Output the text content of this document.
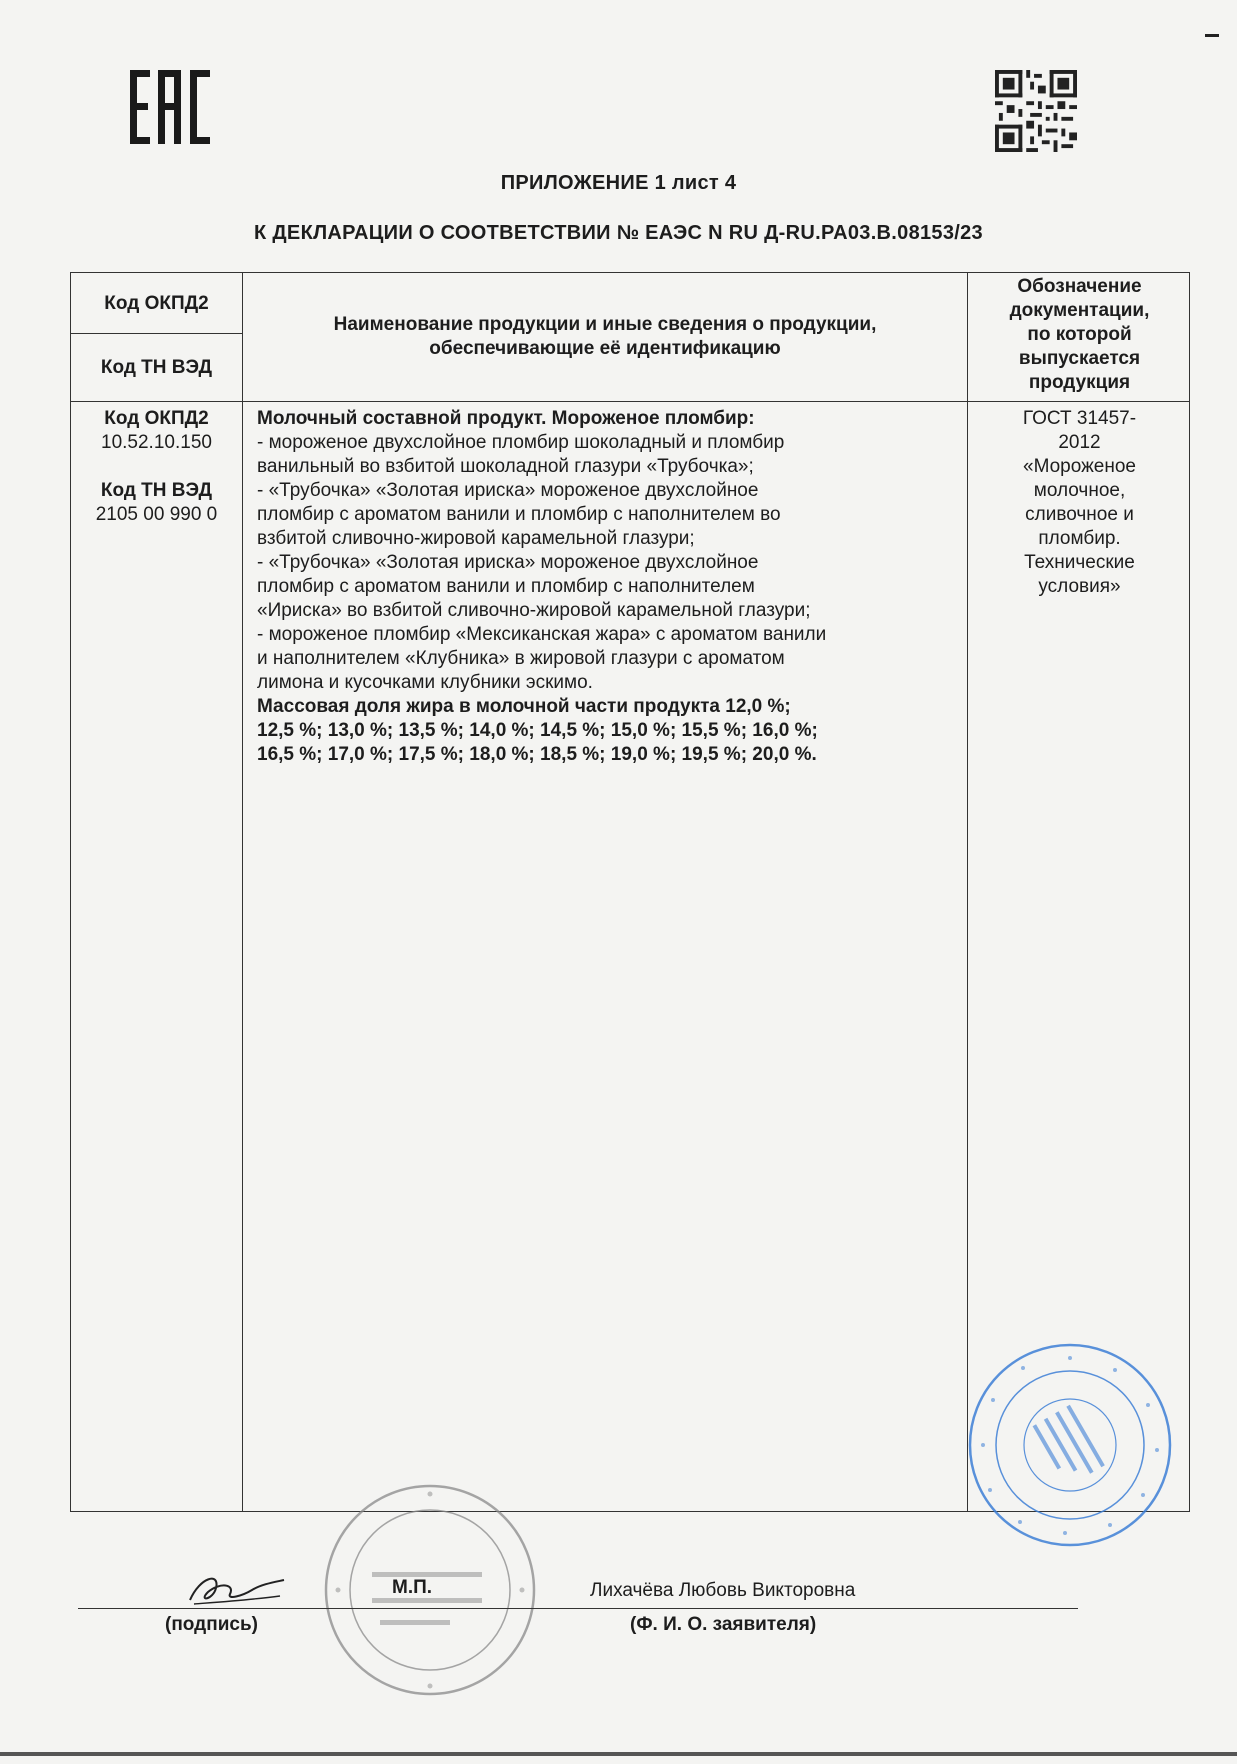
ПРИЛОЖЕНИЕ 1 лист 4
К ДЕКЛАРАЦИИ О СООТВЕТСТВИИ № ЕАЭС N RU Д-RU.PA03.B.08153/23
Код ОКПД2
Код ТН ВЭД
Наименование продукции и иные сведения о продукции,
обеспечивающие её идентификацию
Обозначение
документации,
по которой
выпускается
продукция
Код ОКПД2
10.52.10.150
Код ТН ВЭД
2105 00 990 0
Молочный составной продукт. Мороженое пломбир:
- мороженое двухслойное пломбир шоколадный и пломбир
ванильный во взбитой шоколадной глазури «Трубочка»;
- «Трубочка» «Золотая ириска» мороженое двухслойное
пломбир с ароматом ванили и пломбир с наполнителем во
взбитой сливочно-жировой карамельной глазури;
- «Трубочка» «Золотая ириска» мороженое двухслойное
пломбир с ароматом ванили и пломбир с наполнителем
«Ириска» во взбитой сливочно-жировой карамельной глазури;
- мороженое пломбир «Мексиканская жара» с ароматом ванили
и наполнителем «Клубника» в жировой глазури с ароматом
лимона и кусочками клубники эскимо.
Массовая доля жира в молочной части продукта 12,0 %;
12,5 %; 13,0 %; 13,5 %; 14,0 %; 14,5 %; 15,0 %; 15,5 %; 16,0 %;
16,5 %; 17,0 %; 17,5 %; 18,0 %; 18,5 %; 19,0 %; 19,5 %; 20,0 %.
ГОСТ 31457-
2012
«Мороженое
молочное,
сливочное и
пломбир.
Технические
условия»
М.П.	Лихачёва Любовь Викторовна
(подпись)	(Ф. И. О. заявителя)
